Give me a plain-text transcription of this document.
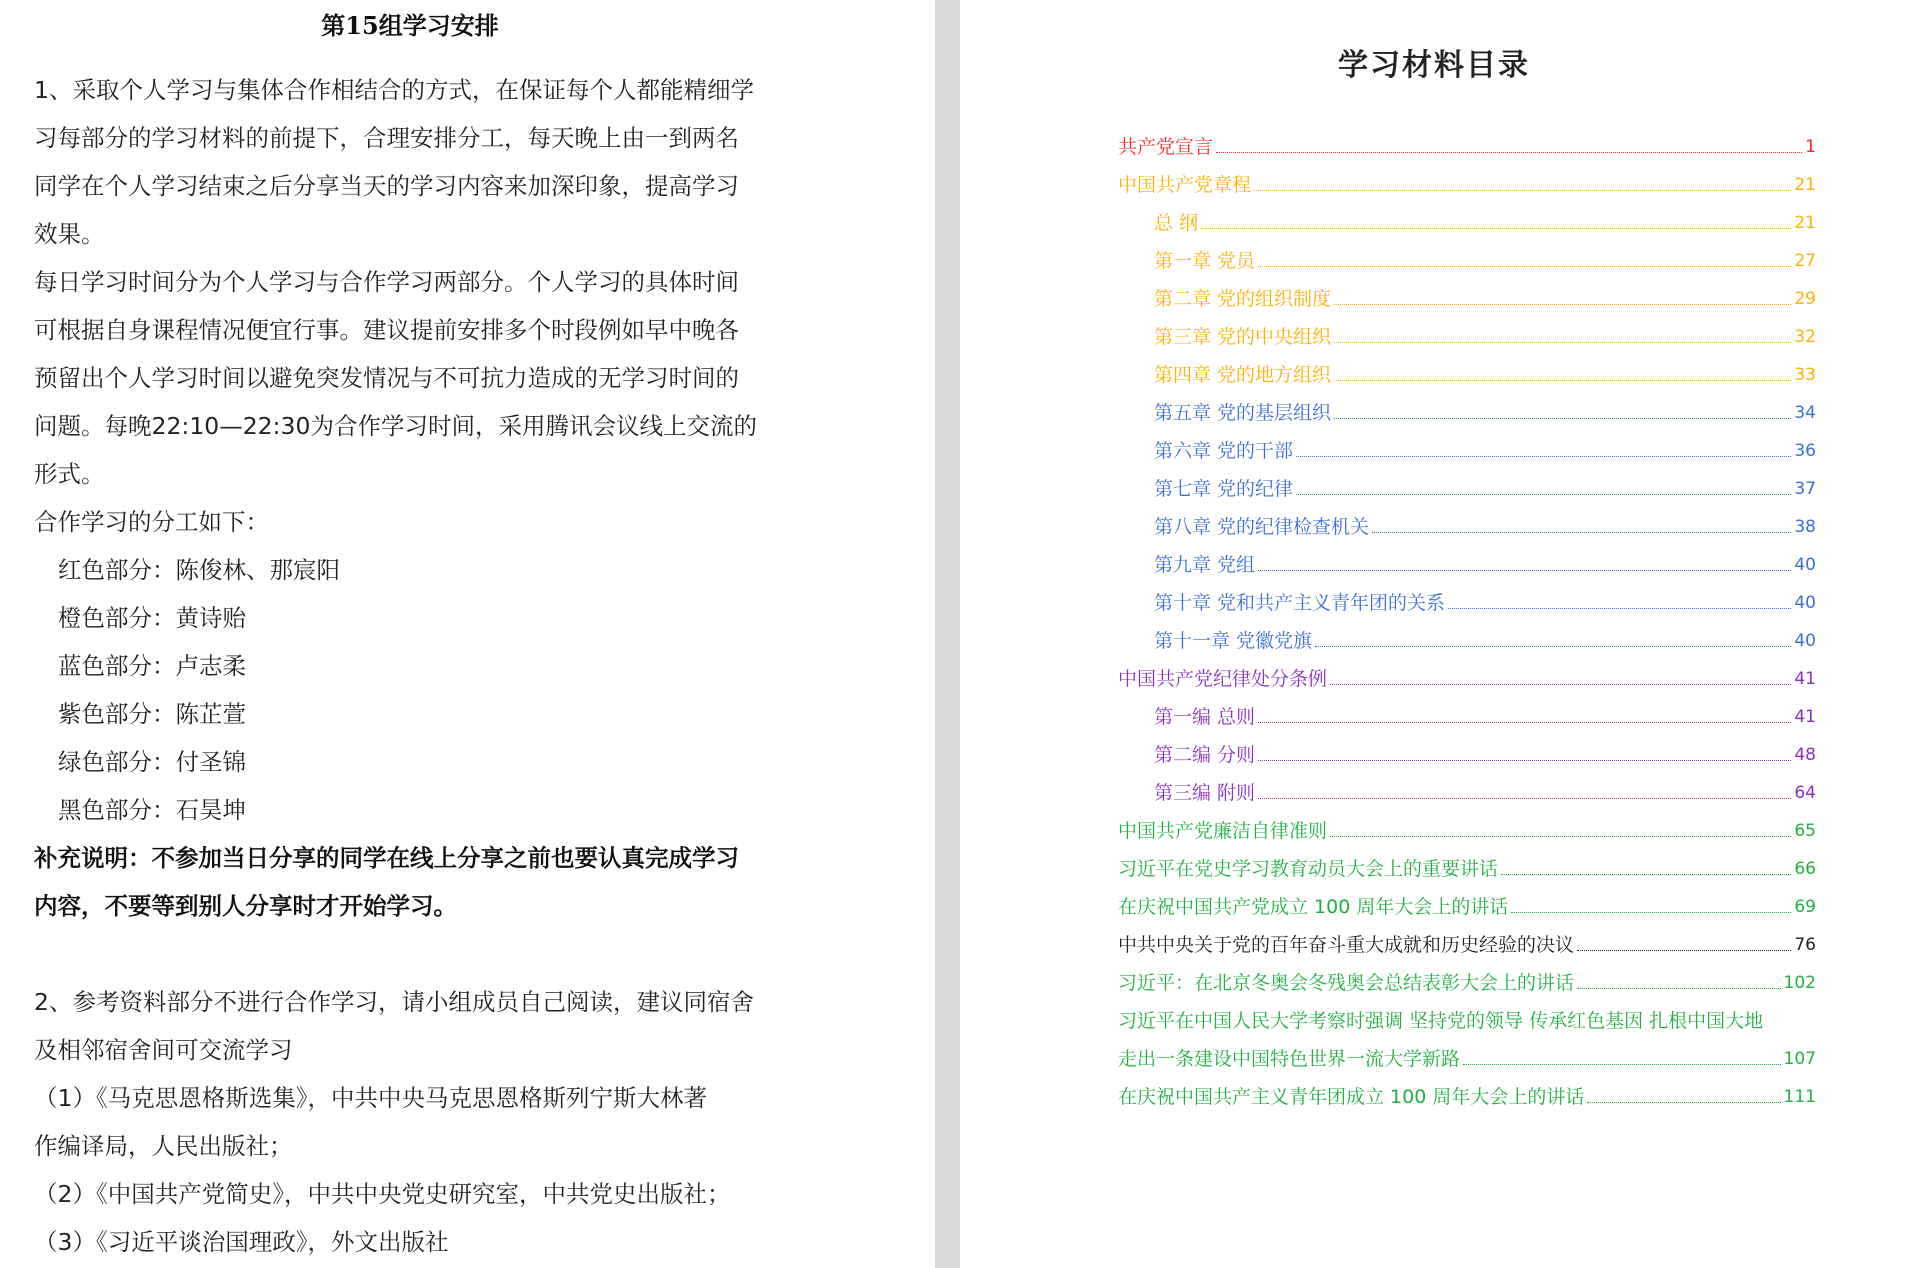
第15组学习安排

1、采取个人学习与集体合作相结合的方式，在保证每个人都能精细学

习每部分的学习材料的前提下，合理安排分工，每天晚上由一到两名

同学在个人学习结束之后分享当天的学习内容来加深印象，提高学习

效果。

每日学习时间分为个人学习与合作学习两部分。个人学习的具体时间

可根据自身课程情况便宜行事。建议提前安排多个时段例如早中晚各

预留出个人学习时间以避免突发情况与不可抗力造成的无学习时间的

问题。每晚22:10—22:30为合作学习时间，采用腾讯会议线上交流的

形式。

合作学习的分工如下：

红色部分：陈俊林、那宸阳

橙色部分：黄诗贻

蓝色部分：卢志柔

紫色部分：陈芷萱

绿色部分：付圣锦

黑色部分：石昊坤

补充说明：不参加当日分享的同学在线上分享之前也要认真完成学习

内容，不要等到别人分享时才开始学习。

2、参考资料部分不进行合作学习，请小组成员自己阅读，建议同宿舍

及相邻宿舍间可交流学习

（1）《马克思恩格斯选集》，中共中央马克思恩格斯列宁斯大林著

作编译局，人民出版社；

（2）《中国共产党简史》，中共中央党史研究室，中共党史出版社；

（3）《习近平谈治国理政》，外文出版社

学习材料目录
共产党宣言	1
中国共产党章程	21
总 纲	21
第一章 党员	27
第二章 党的组织制度	29
第三章 党的中央组织	32
第四章 党的地方组织	33
第五章 党的基层组织	34
第六章 党的干部	36
第七章 党的纪律	37
第八章 党的纪律检查机关	38
第九章 党组	40
第十章 党和共产主义青年团的关系	40
第十一章 党徽党旗	40
中国共产党纪律处分条例	41
第一编 总则	41
第二编 分则	48
第三编 附则	64
中国共产党廉洁自律准则	65
习近平在党史学习教育动员大会上的重要讲话	66
在庆祝中国共产党成立 100 周年大会上的讲话	69
中共中央关于党的百年奋斗重大成就和历史经验的决议	76
习近平：在北京冬奥会冬残奥会总结表彰大会上的讲话	102
习近平在中国人民大学考察时强调 坚持党的领导 传承红色基因 扎根中国大地
走出一条建设中国特色世界一流大学新路	107
在庆祝中国共产主义青年团成立 100 周年大会上的讲话	111
